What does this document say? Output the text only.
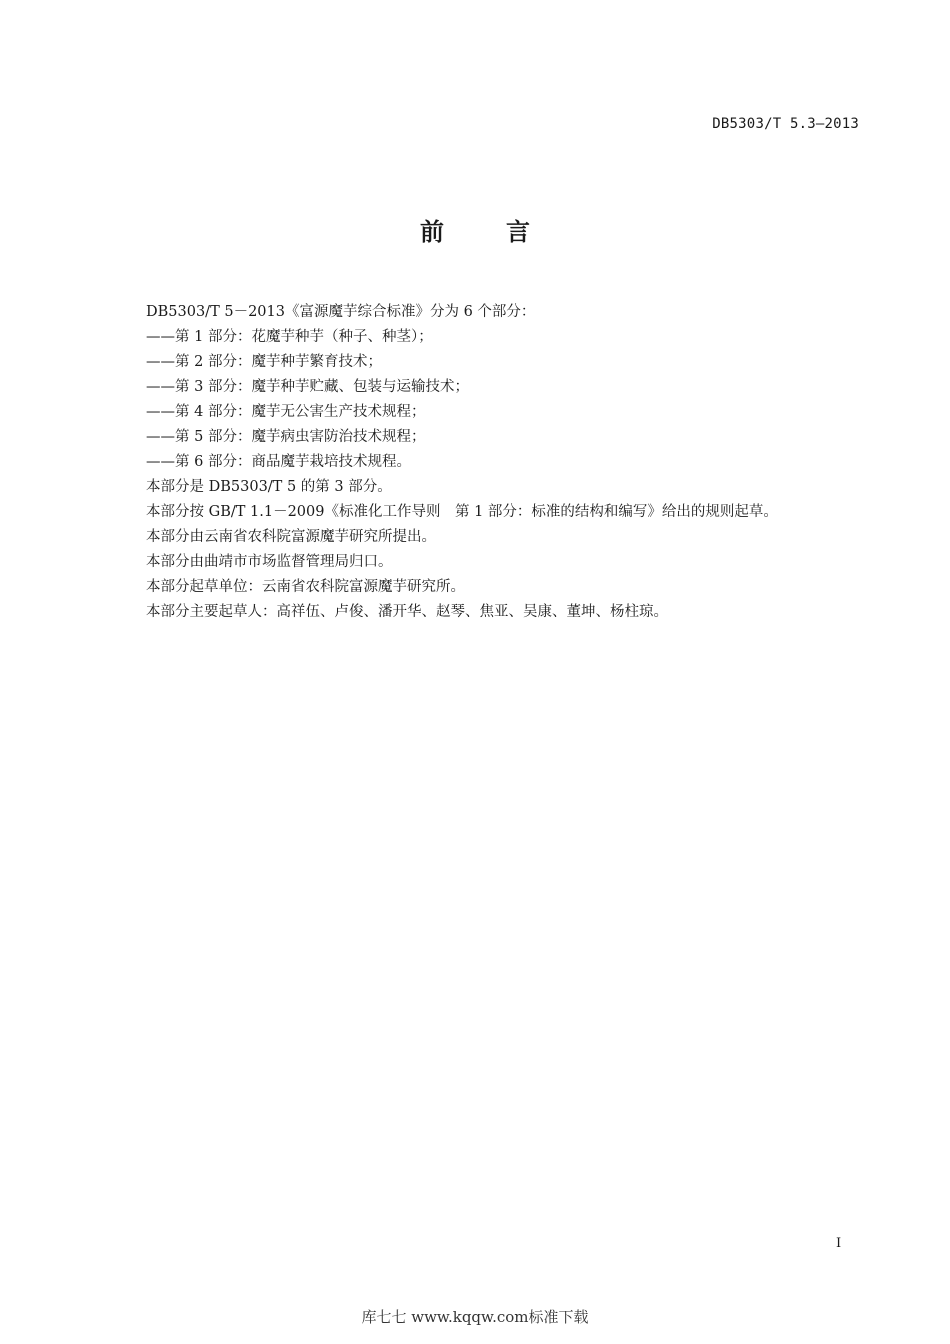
DB5303/T 5.3—2013
前	言

DB5303/T 5－2013《富源魔芋综合标准》分为 6 个部分：

——第 1 部分：花魔芋种芋（种子、种茎）；

——第 2 部分：魔芋种芋繁育技术；

——第 3 部分：魔芋种芋贮藏、包装与运输技术；

——第 4 部分：魔芋无公害生产技术规程；

——第 5 部分：魔芋病虫害防治技术规程；

——第 6 部分：商品魔芋栽培技术规程。

本部分是 DB5303/T 5 的第 3 部分。

本部分按 GB/T 1.1－2009《标准化工作导则　第 1 部分：标准的结构和编写》给出的规则起草。

本部分由云南省农科院富源魔芋研究所提出。

本部分由曲靖市市场监督管理局归口。

本部分起草单位：云南省农科院富源魔芋研究所。

本部分主要起草人：高祥伍、卢俊、潘开华、赵琴、焦亚、吴康、董坤、杨柱琼。

I
库七七 www.kqqw.com标准下载
